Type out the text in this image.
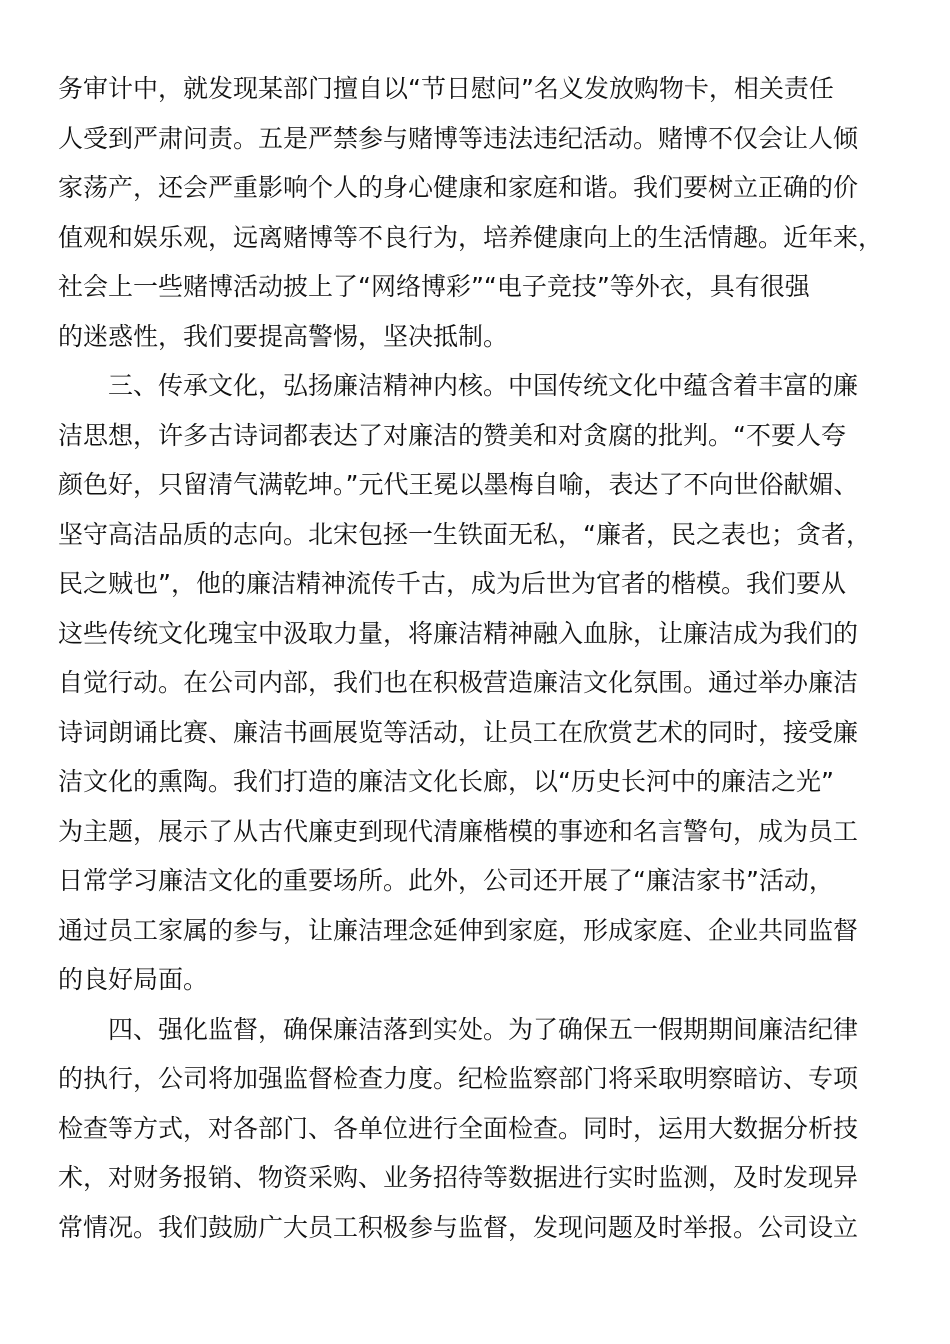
务审计中，就发现某部门擅自以“节日慰问”名义发放购物卡，相关责任
人受到严肃问责。五是严禁参与赌博等违法违纪活动。赌博不仅会让人倾
家荡产，还会严重影响个人的身心健康和家庭和谐。我们要树立正确的价
值观和娱乐观，远离赌博等不良行为，培养健康向上的生活情趣。近年来，
社会上一些赌博活动披上了“网络博彩”“电子竞技”等外衣，具有很强
的迷惑性，我们要提高警惕，坚决抵制。
　　三、传承文化，弘扬廉洁精神内核。中国传统文化中蕴含着丰富的廉
洁思想，许多古诗词都表达了对廉洁的赞美和对贪腐的批判。“不要人夸
颜色好，只留清气满乾坤。”元代王冕以墨梅自喻，表达了不向世俗献媚、
坚守高洁品质的志向。北宋包拯一生铁面无私，“廉者，民之表也；贪者，
民之贼也”，他的廉洁精神流传千古，成为后世为官者的楷模。我们要从
这些传统文化瑰宝中汲取力量，将廉洁精神融入血脉，让廉洁成为我们的
自觉行动。在公司内部，我们也在积极营造廉洁文化氛围。通过举办廉洁
诗词朗诵比赛、廉洁书画展览等活动，让员工在欣赏艺术的同时，接受廉
洁文化的熏陶。我们打造的廉洁文化长廊，以“历史长河中的廉洁之光”
为主题，展示了从古代廉吏到现代清廉楷模的事迹和名言警句，成为员工
日常学习廉洁文化的重要场所。此外，公司还开展了“廉洁家书”活动，
通过员工家属的参与，让廉洁理念延伸到家庭，形成家庭、企业共同监督
的良好局面。
　　四、强化监督，确保廉洁落到实处。为了确保五一假期期间廉洁纪律
的执行，公司将加强监督检查力度。纪检监察部门将采取明察暗访、专项
检查等方式，对各部门、各单位进行全面检查。同时，运用大数据分析技
术，对财务报销、物资采购、业务招待等数据进行实时监测，及时发现异
常情况。我们鼓励广大员工积极参与监督，发现问题及时举报。公司设立
